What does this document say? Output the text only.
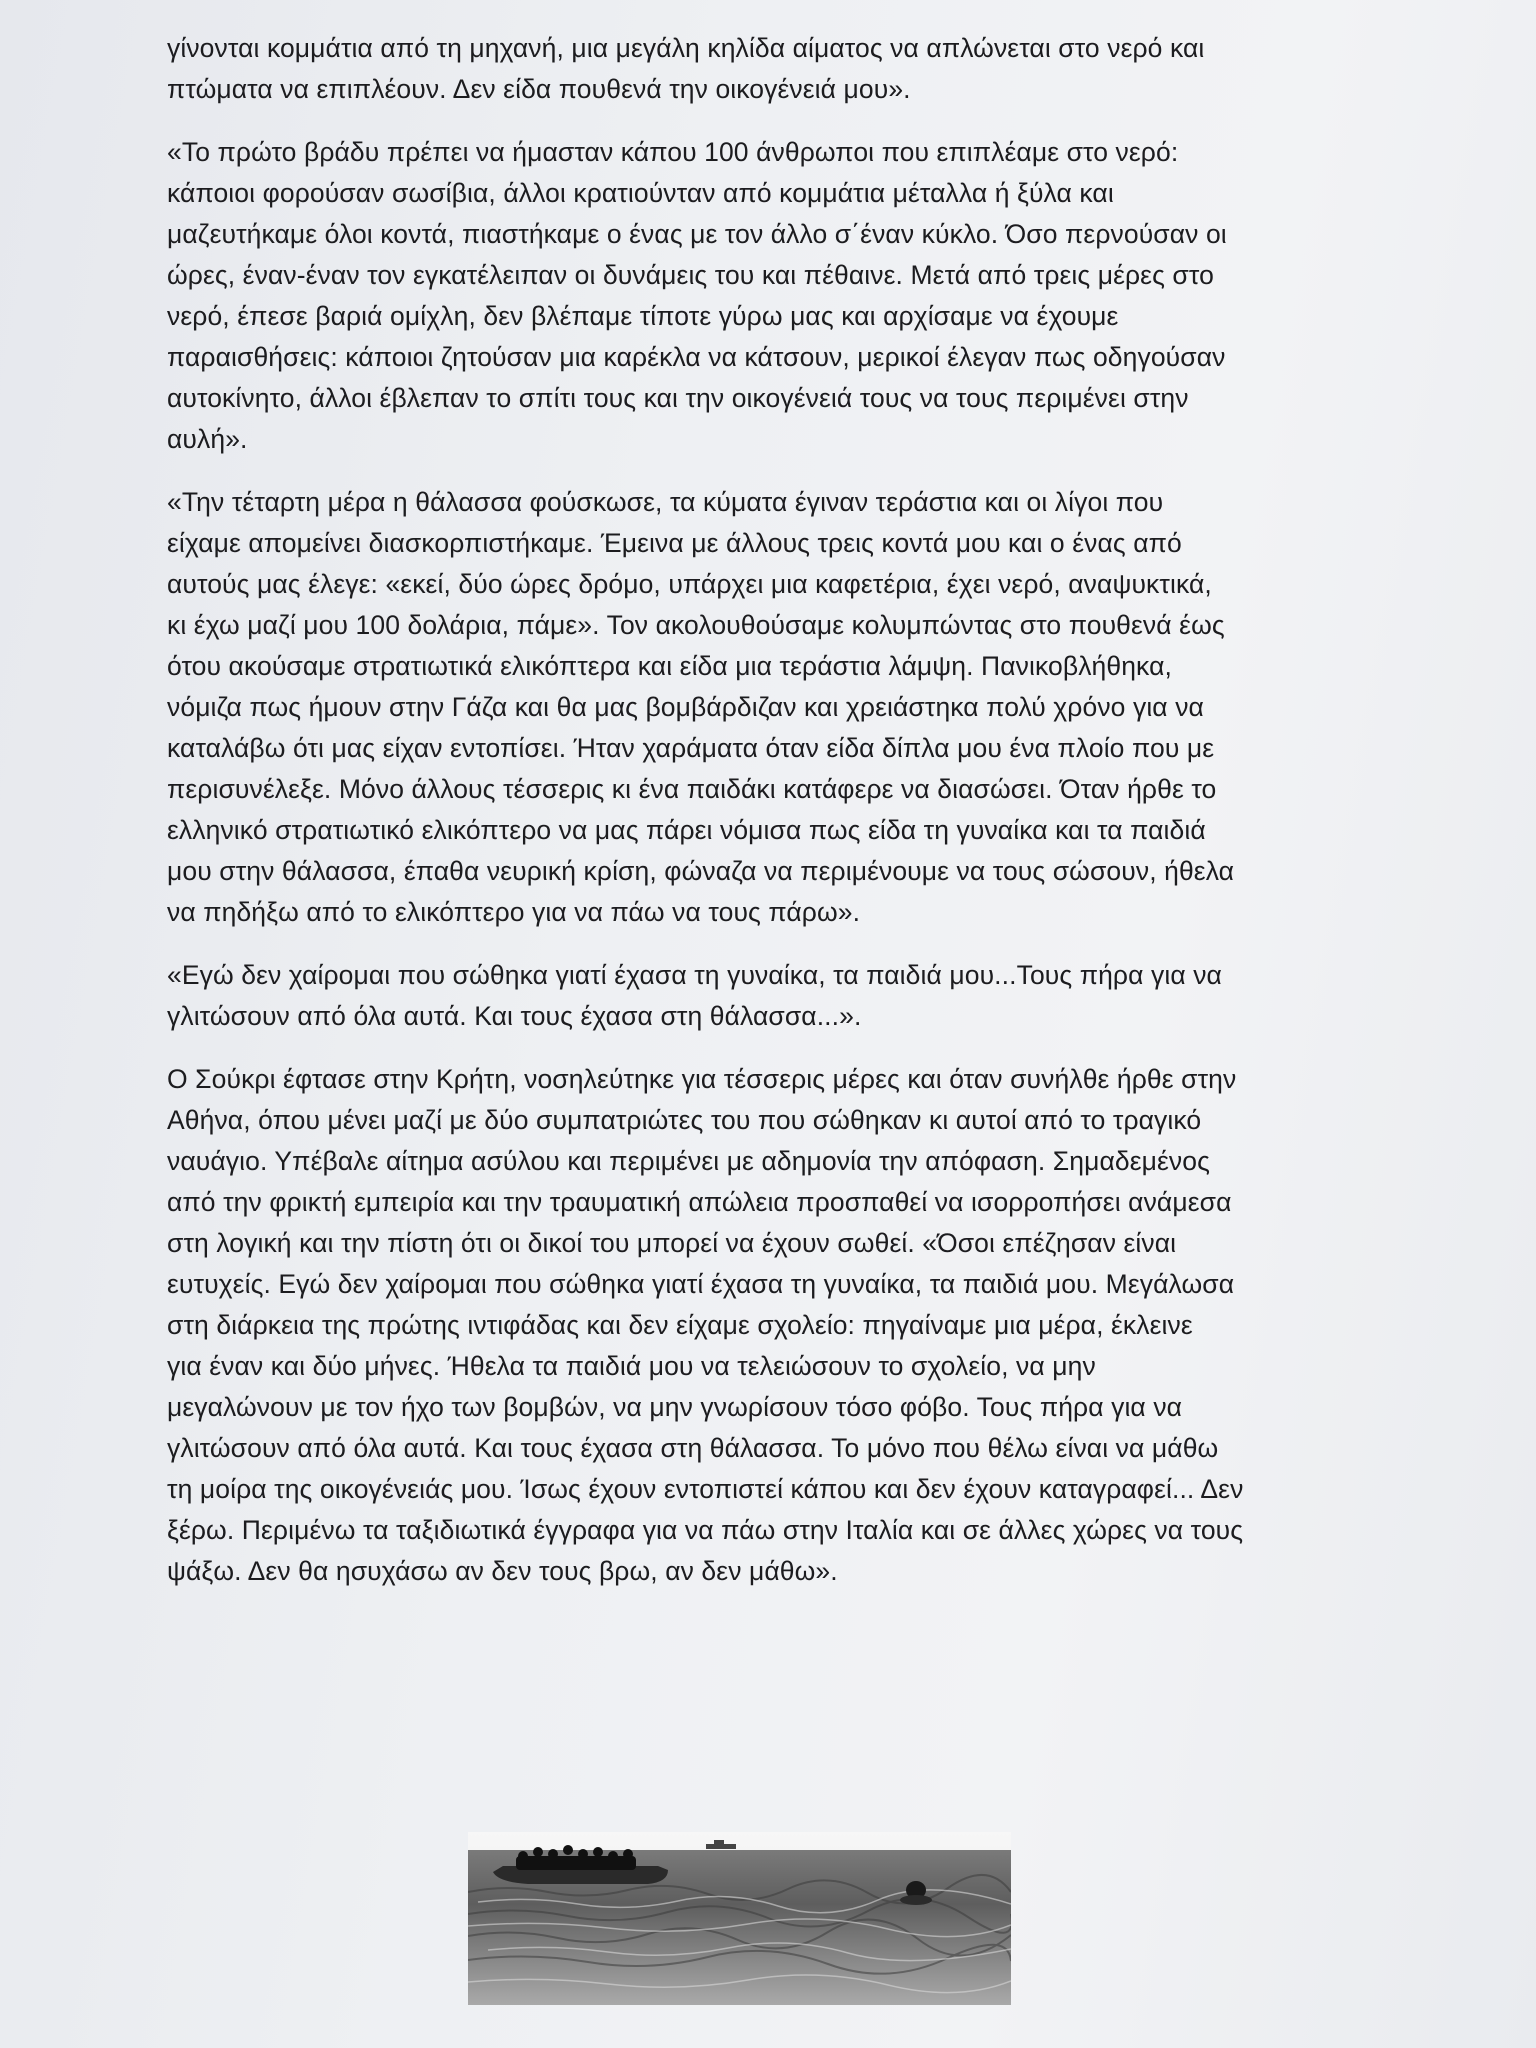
γίνονται κομμάτια από τη μηχανή, μια μεγάλη κηλίδα αίματος να απλώνεται στο νερό και
πτώματα να επιπλέουν. Δεν είδα πουθενά την οικογένειά μου».
«Το πρώτο βράδυ πρέπει να ήμασταν κάπου 100 άνθρωποι που επιπλέαμε στο νερό:
κάποιοι φορούσαν σωσίβια, άλλοι κρατιούνταν από κομμάτια μέταλλα ή ξύλα και
μαζευτήκαμε όλοι κοντά, πιαστήκαμε ο ένας με τον άλλο σ΄έναν κύκλο. Όσο περνούσαν οι
ώρες, έναν-έναν τον εγκατέλειπαν οι δυνάμεις του και πέθαινε. Μετά από τρεις μέρες στο
νερό, έπεσε βαριά ομίχλη, δεν βλέπαμε τίποτε γύρω μας και αρχίσαμε να έχουμε
παραισθήσεις: κάποιοι ζητούσαν μια καρέκλα να κάτσουν, μερικοί έλεγαν πως οδηγούσαν
αυτοκίνητο, άλλοι έβλεπαν το σπίτι τους και την οικογένειά τους να τους περιμένει στην
αυλή».
«Την τέταρτη μέρα η θάλασσα φούσκωσε, τα κύματα έγιναν τεράστια και οι λίγοι που
είχαμε απομείνει διασκορπιστήκαμε. Έμεινα με άλλους τρεις κοντά μου και ο ένας από
αυτούς μας έλεγε: «εκεί, δύο ώρες δρόμο, υπάρχει μια καφετέρια, έχει νερό, αναψυκτικά,
κι έχω μαζί μου 100 δολάρια, πάμε». Τον ακολουθούσαμε κολυμπώντας στο πουθενά έως
ότου ακούσαμε στρατιωτικά ελικόπτερα και είδα μια τεράστια λάμψη. Πανικοβλήθηκα,
νόμιζα πως ήμουν στην Γάζα και θα μας βομβάρδιζαν και χρειάστηκα πολύ χρόνο για να
καταλάβω ότι μας είχαν εντοπίσει. Ήταν χαράματα όταν είδα δίπλα μου ένα πλοίο που με
περισυνέλεξε. Μόνο άλλους τέσσερις κι ένα παιδάκι κατάφερε να διασώσει. Όταν ήρθε το
ελληνικό στρατιωτικό ελικόπτερο να μας πάρει νόμισα πως είδα τη γυναίκα και τα παιδιά
μου στην θάλασσα, έπαθα νευρική κρίση, φώναζα να περιμένουμε να τους σώσουν, ήθελα
να πηδήξω από το ελικόπτερο για να πάω να τους πάρω».
«Εγώ δεν χαίρομαι που σώθηκα γιατί έχασα τη γυναίκα, τα παιδιά μου...Τους πήρα για να
γλιτώσουν από όλα αυτά. Και τους έχασα στη θάλασσα...».
Ο Σούκρι έφτασε στην Κρήτη, νοσηλεύτηκε για τέσσερις μέρες και όταν συνήλθε ήρθε στην
Αθήνα, όπου μένει μαζί με δύο συμπατριώτες του που σώθηκαν κι αυτοί από το τραγικό
ναυάγιο. Υπέβαλε αίτημα ασύλου και περιμένει με αδημονία την απόφαση. Σημαδεμένος
από την φρικτή εμπειρία και την τραυματική απώλεια προσπαθεί να ισορροπήσει ανάμεσα
στη λογική και την πίστη ότι οι δικοί του μπορεί να έχουν σωθεί. «Όσοι επέζησαν είναι
ευτυχείς. Εγώ δεν χαίρομαι που σώθηκα γιατί έχασα τη γυναίκα, τα παιδιά μου. Μεγάλωσα
στη διάρκεια της πρώτης ιντιφάδας και δεν είχαμε σχολείο: πηγαίναμε μια μέρα, έκλεινε
για έναν και δύο μήνες. Ήθελα τα παιδιά μου να τελειώσουν το σχολείο, να μην
μεγαλώνουν με τον ήχο των βομβών, να μην γνωρίσουν τόσο φόβο. Τους πήρα για να
γλιτώσουν από όλα αυτά. Και τους έχασα στη θάλασσα. Το μόνο που θέλω είναι να μάθω
τη μοίρα της οικογένειάς μου. Ίσως έχουν εντοπιστεί κάπου και δεν έχουν καταγραφεί... Δεν
ξέρω. Περιμένω τα ταξιδιωτικά έγγραφα για να πάω στην Ιταλία και σε άλλες χώρες να τους
ψάξω. Δεν θα ησυχάσω αν δεν τους βρω, αν δεν μάθω».
